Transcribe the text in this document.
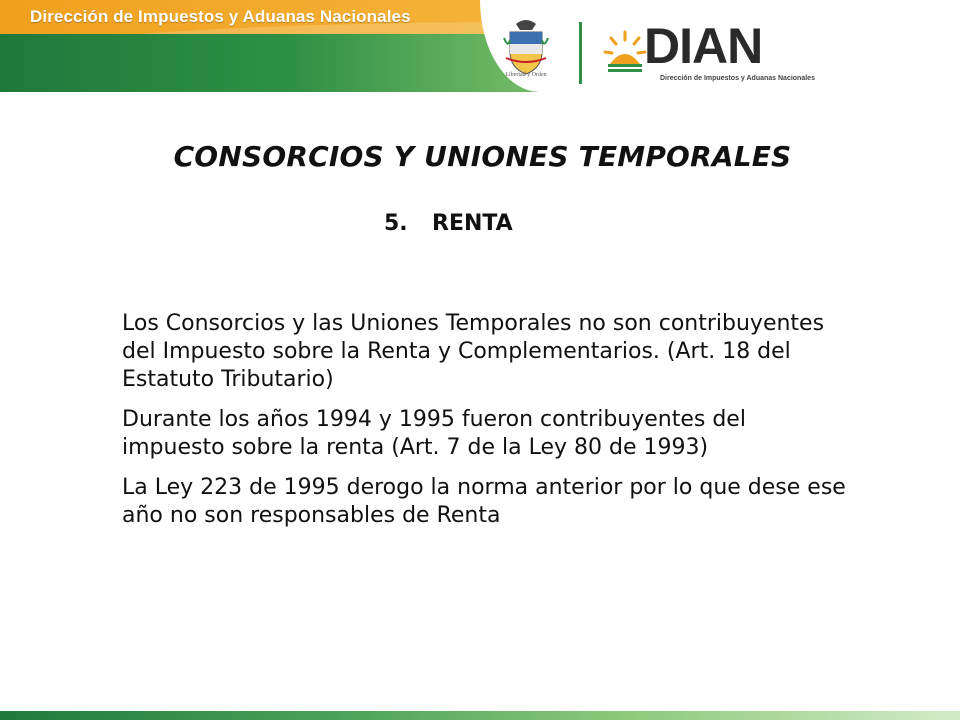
Dirección de Impuestos y Aduanas Nacionales
Libertad y Orden
DIAN
Dirección de Impuestos y Aduanas Nacionales
CONSORCIOS Y UNIONES TEMPORALES
5. RENTA

Los Consorcios y las Uniones Temporales no son contribuyentes del Impuesto sobre la Renta y Complementarios. (Art. 18 del Estatuto Tributario)

Durante los años 1994 y 1995 fueron contribuyentes del impuesto sobre la renta (Art. 7 de la Ley 80 de 1993)

La Ley 223 de 1995 derogo la norma anterior por lo que dese ese año no son responsables de Renta
